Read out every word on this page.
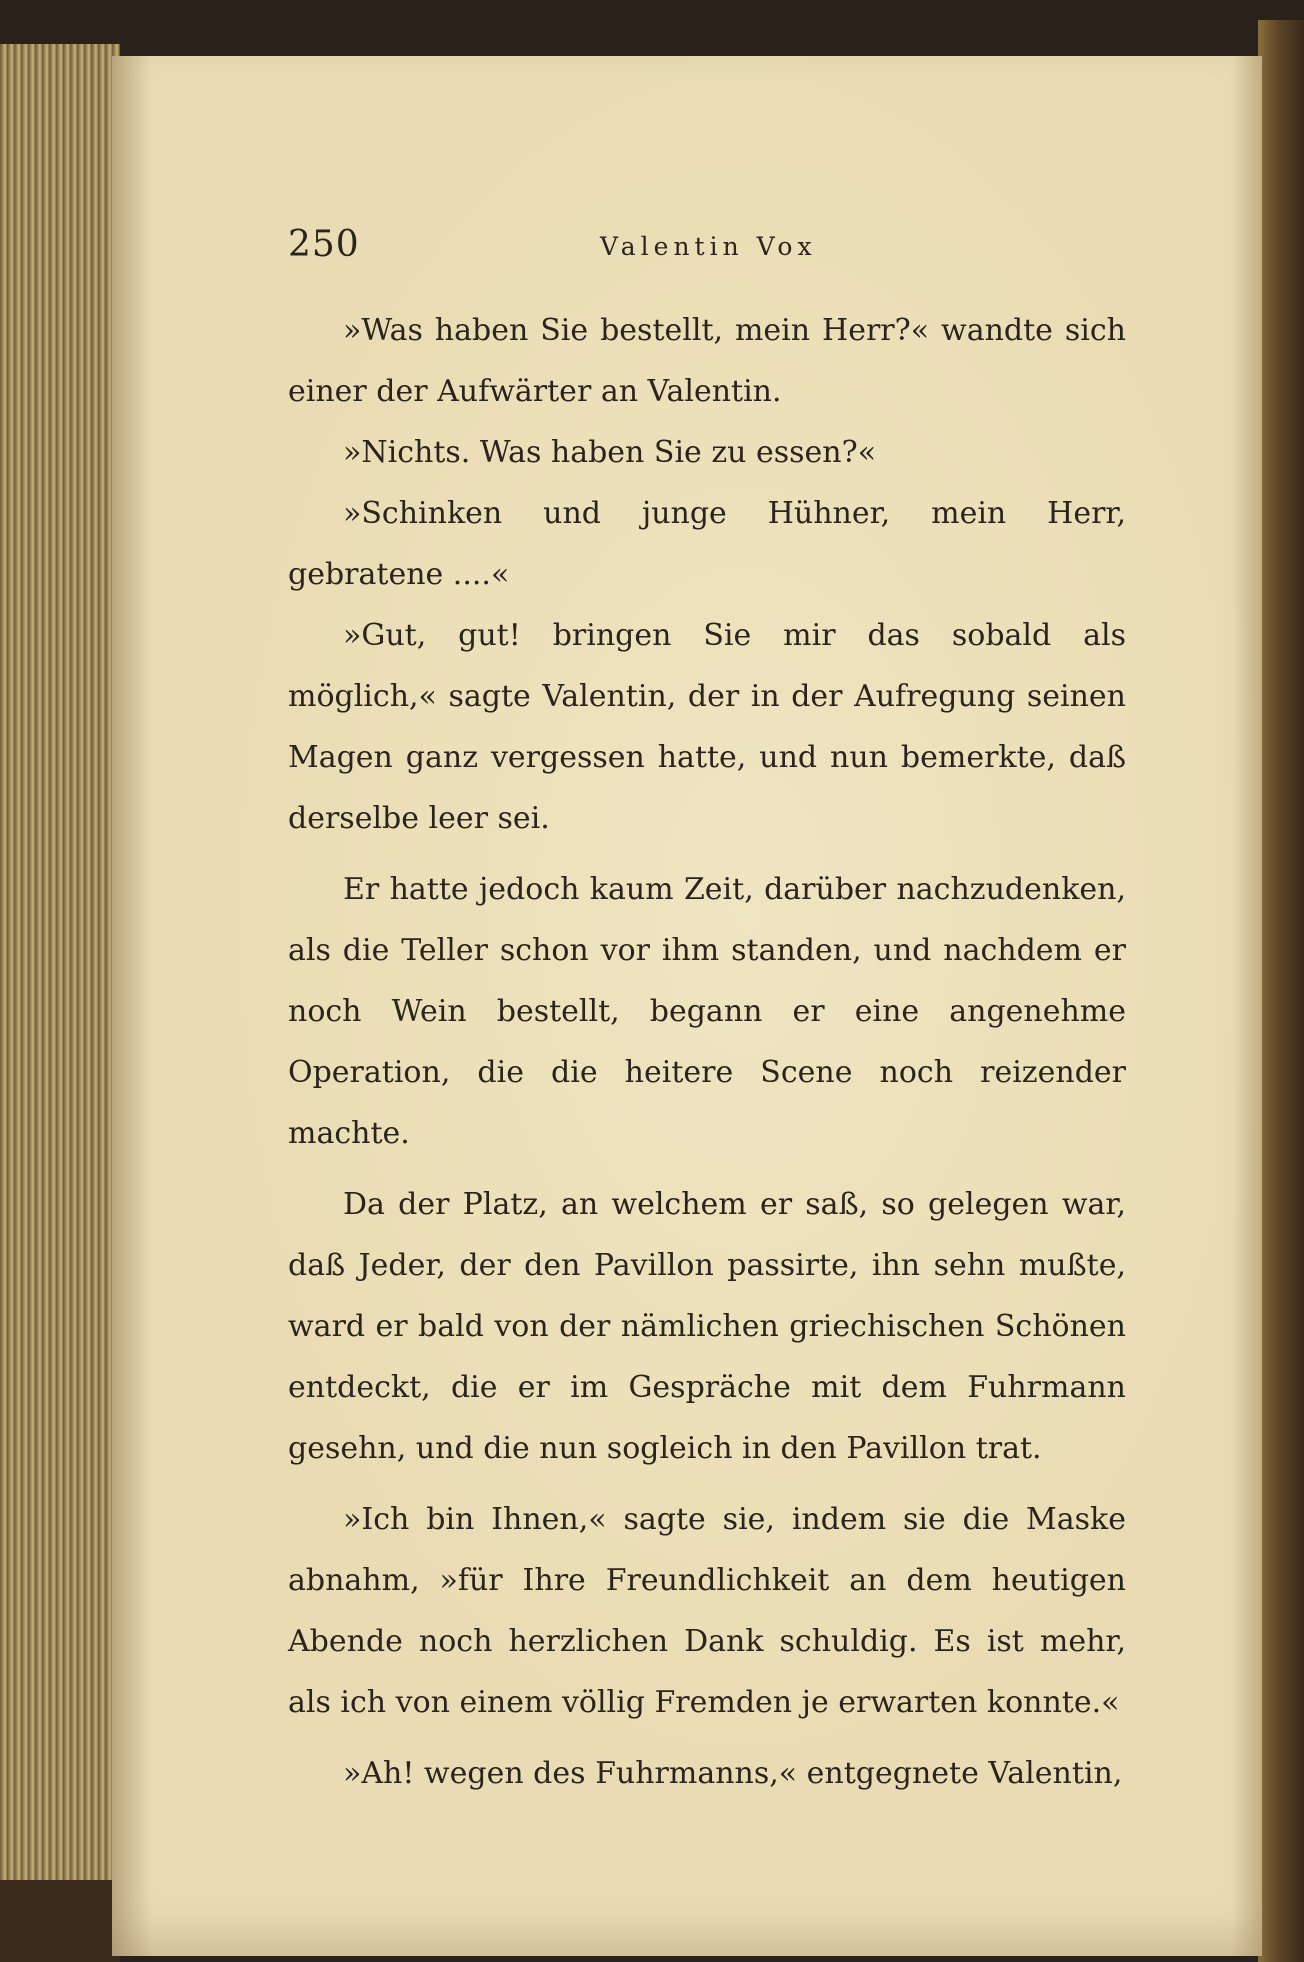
250	Valentin Vox

»Was haben Sie bestellt, mein Herr?« wandte sich einer der Aufwärter an Valentin.

»Nichts. Was haben Sie zu essen?«

»Schinken und junge Hühner, mein Herr, gebratene ....«

»Gut, gut! bringen Sie mir das sobald als möglich,« sagte Valentin, der in der Aufregung seinen Magen ganz vergessen hatte, und nun bemerkte, daß derselbe leer sei.

Er hatte jedoch kaum Zeit, darüber nachzudenken, als die Teller schon vor ihm standen, und nachdem er noch Wein bestellt, begann er eine angenehme Operation, die die heitere Scene noch reizender machte.

Da der Platz, an welchem er saß, so gelegen war, daß Jeder, der den Pavillon passirte, ihn sehn mußte, ward er bald von der nämlichen griechischen Schönen entdeckt, die er im Gespräche mit dem Fuhrmann gesehn, und die nun sogleich in den Pavillon trat.

»Ich bin Ihnen,« sagte sie, indem sie die Maske abnahm, »für Ihre Freundlichkeit an dem heutigen Abende noch herzlichen Dank schuldig. Es ist mehr, als ich von einem völlig Fremden je erwarten konnte.«

»Ah! wegen des Fuhrmanns,« entgegnete Valentin,
